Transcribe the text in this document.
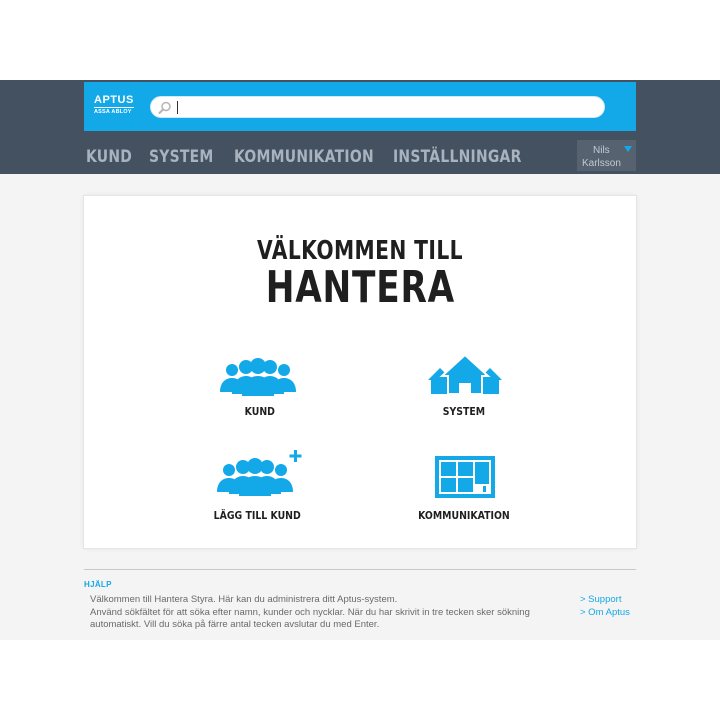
APTUS
ASSA ABLOY
KUND SYSTEM KOMMUNIKATION INSTÄLLNINGAR	Nils
Karlsson
VÄLKOMMEN TILL
HANTERA
KUND	SYSTEM
LÄGG TILL KUND	KOMMUNIKATION
HJÄLP
Välkommen till Hantera Styra. Här kan du administrera ditt Aptus-system.
Använd sökfältet för att söka efter namn, kunder och nycklar. När du har skrivit in tre tecken sker sökning
automatiskt. Vill du söka på färre antal tecken avslutar du med Enter.
> Support
> Om Aptus
